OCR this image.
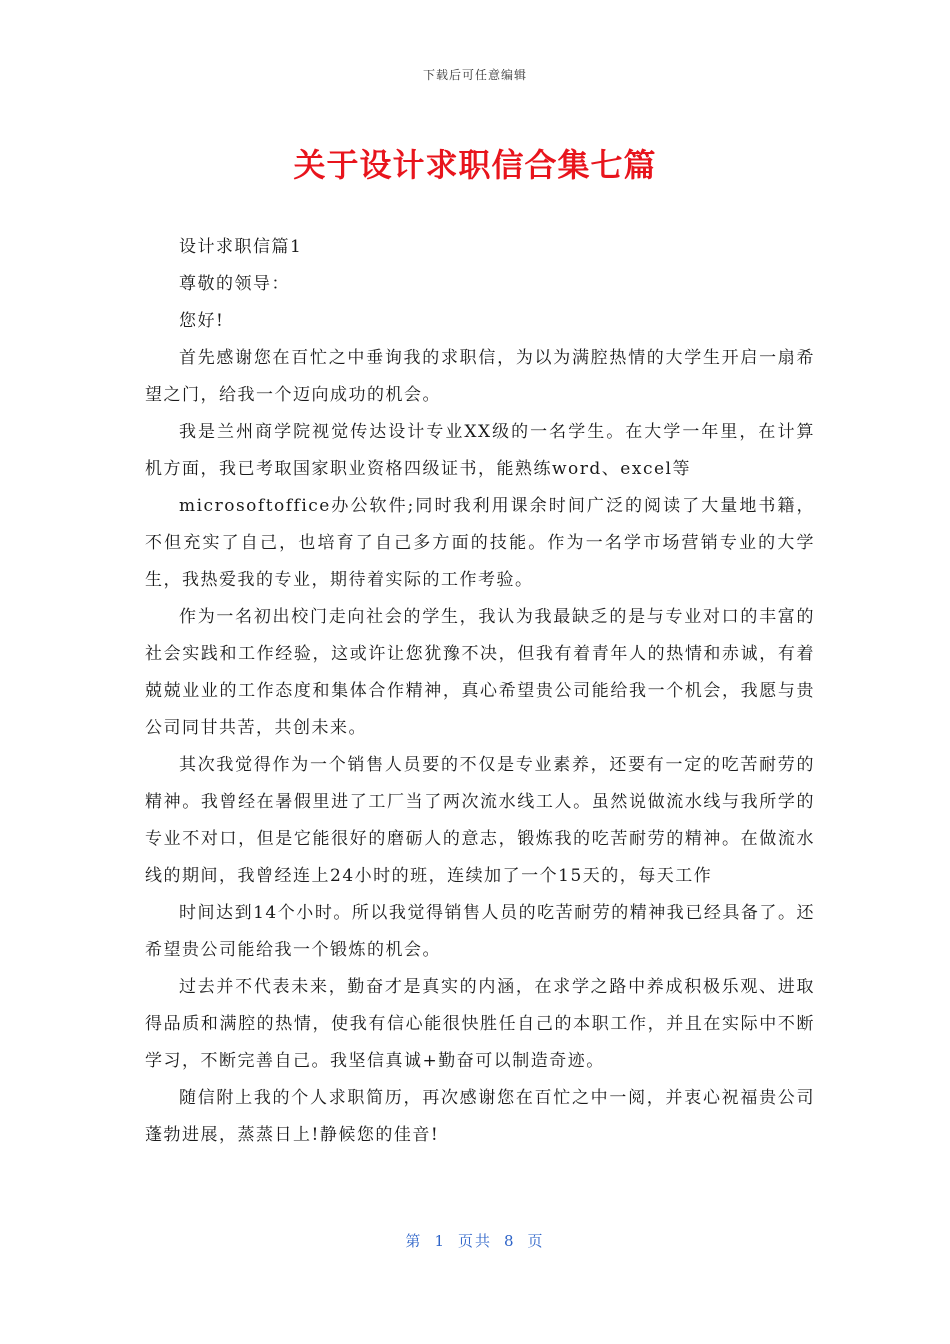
下载后可任意编辑
关于设计求职信合集七篇

设计求职信篇1

尊敬的领导：

您好!

首先感谢您在百忙之中垂询我的求职信，为以为满腔热情的大学生开启一扇希望之门，给我一个迈向成功的机会。

我是兰州商学院视觉传达设计专业XX级的一名学生。在大学一年里，在计算机方面，我已考取国家职业资格四级证书，能熟练word、excel等

microsoftoffice办公软件;同时我利用课余时间广泛的阅读了大量地书籍，不但充实了自己，也培育了自己多方面的技能。作为一名学市场营销专业的大学生，我热爱我的专业，期待着实际的工作考验。

作为一名初出校门走向社会的学生，我认为我最缺乏的是与专业对口的丰富的社会实践和工作经验，这或许让您犹豫不决，但我有着青年人的热情和赤诚，有着兢兢业业的工作态度和集体合作精神，真心希望贵公司能给我一个机会，我愿与贵公司同甘共苦，共创未来。

其次我觉得作为一个销售人员要的不仅是专业素养，还要有一定的吃苦耐劳的精神。我曾经在暑假里进了工厂当了两次流水线工人。虽然说做流水线与我所学的专业不对口，但是它能很好的磨砺人的意志，锻炼我的吃苦耐劳的精神。在做流水线的期间，我曾经连上24小时的班，连续加了一个15天的，每天工作

时间达到14个小时。所以我觉得销售人员的吃苦耐劳的精神我已经具备了。还希望贵公司能给我一个锻炼的机会。

过去并不代表未来，勤奋才是真实的内涵，在求学之路中养成积极乐观、进取得品质和满腔的热情，使我有信心能很快胜任自己的本职工作，并且在实际中不断学习，不断完善自己。我坚信真诚+勤奋可以制造奇迹。

随信附上我的个人求职简历，再次感谢您在百忙之中一阅，并衷心祝福贵公司蓬勃进展，蒸蒸日上!静候您的佳音!

第 1 页共 8 页
